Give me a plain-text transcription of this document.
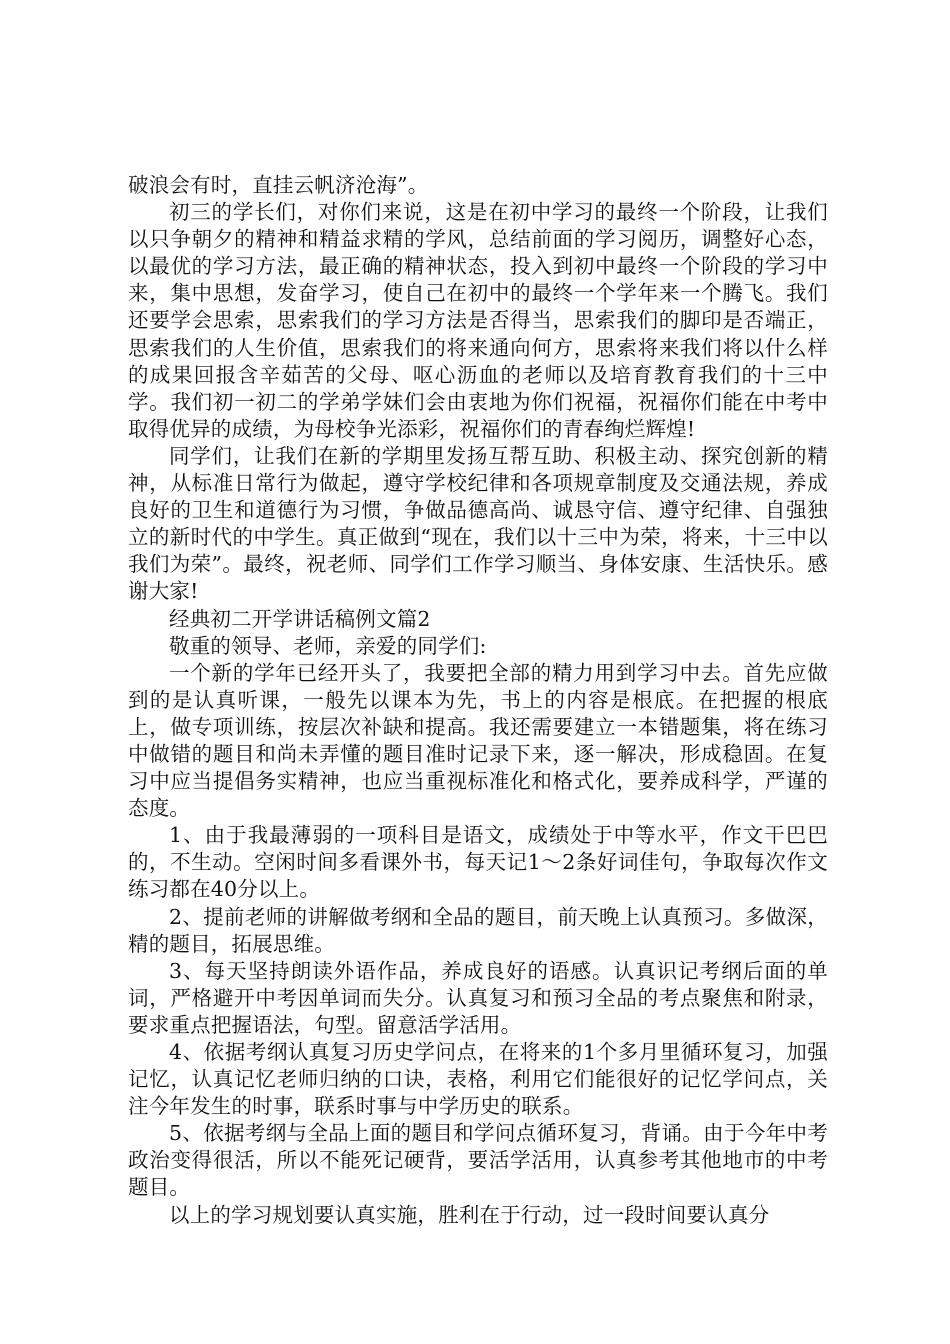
破浪会有时，直挂云帆济沧海”。

初三的学长们，对你们来说，这是在初中学习的最终一个阶段，让我们以只争朝夕的精神和精益求精的学风，总结前面的学习阅历，调整好心态，以最优的学习方法，最正确的精神状态，投入到初中最终一个阶段的学习中来，集中思想，发奋学习，使自己在初中的最终一个学年来一个腾飞。我们还要学会思索，思索我们的学习方法是否得当，思索我们的脚印是否端正，思索我们的人生价值，思索我们的将来通向何方，思索将来我们将以什么样的成果回报含辛茹苦的父母、呕心沥血的老师以及培育教育我们的十三中学。我们初一初二的学弟学妹们会由衷地为你们祝福，祝福你们能在中考中取得优异的成绩，为母校争光添彩，祝福你们的青春绚烂辉煌!

同学们，让我们在新的学期里发扬互帮互助、积极主动、探究创新的精神，从标准日常行为做起，遵守学校纪律和各项规章制度及交通法规，养成良好的卫生和道德行为习惯，争做品德高尚、诚恳守信、遵守纪律、自强独立的新时代的中学生。真正做到“现在，我们以十三中为荣，将来，十三中以我们为荣”。最终，祝老师、同学们工作学习顺当、身体安康、生活快乐。感谢大家!

经典初二开学讲话稿例文篇2

敬重的领导、老师，亲爱的同学们:

一个新的学年已经开头了，我要把全部的精力用到学习中去。首先应做到的是认真听课，一般先以课本为先，书上的内容是根底。在把握的根底上，做专项训练，按层次补缺和提高。我还需要建立一本错题集，将在练习中做错的题目和尚未弄懂的题目准时记录下来，逐一解决，形成稳固。在复习中应当提倡务实精神，也应当重视标准化和格式化，要养成科学，严谨的态度。

1、由于我最薄弱的一项科目是语文，成绩处于中等水平，作文干巴巴的，不生动。空闲时间多看课外书，每天记1～2条好词佳句，争取每次作文练习都在40分以上。

2、提前老师的讲解做考纲和全品的题目，前天晚上认真预习。多做深，精的题目，拓展思维。

3、每天坚持朗读外语作品，养成良好的语感。认真识记考纲后面的单词，严格避开中考因单词而失分。认真复习和预习全品的考点聚焦和附录，要求重点把握语法，句型。留意活学活用。

4、依据考纲认真复习历史学问点，在将来的1个多月里循环复习，加强记忆，认真记忆老师归纳的口诀，表格，利用它们能很好的记忆学问点，关注今年发生的时事，联系时事与中学历史的联系。

5、依据考纲与全品上面的题目和学问点循环复习，背诵。由于今年中考政治变得很活，所以不能死记硬背，要活学活用，认真参考其他地市的中考题目。

以上的学习规划要认真实施，胜利在于行动，过一段时间要认真分
